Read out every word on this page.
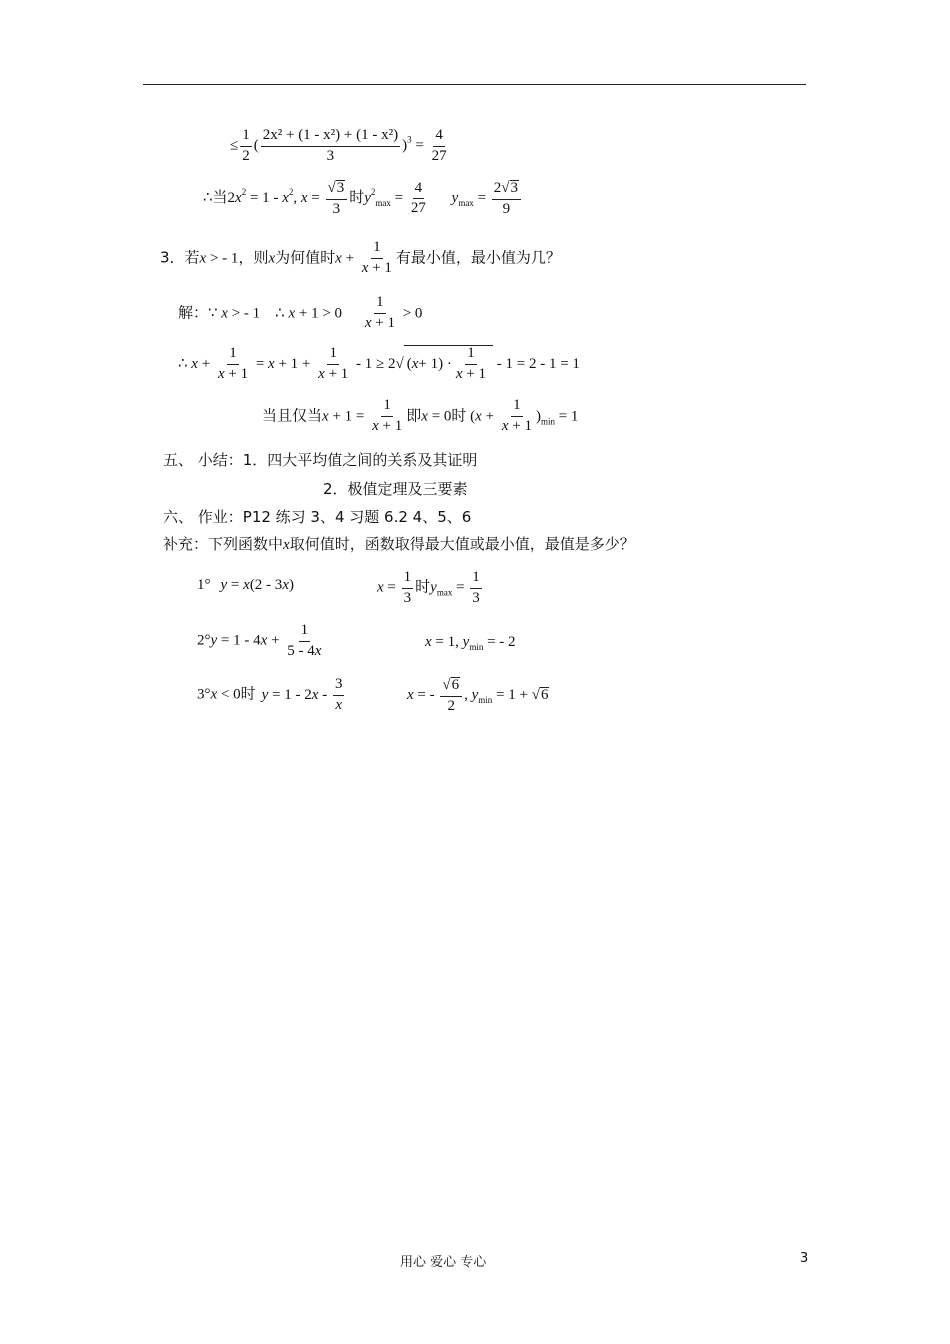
≤ $\frac{1}{2}$ ( $\frac{\text{2x² + (1 - x²) + (1 - x²)}}{3} )^3 = \frac{4}{27}$
∴当$2x^2 = 1 - x^2$, $x = \frac{√3}{3}$ 时$y^2_{max} = \frac{4}{27} y_{max} = \frac{2√3}{9}$
3．若x > - 1，则x为何值时$x + \frac{1}{x + 1}$ 有最小值，最小值为几？
解：∵ x > - 1    ∴ $x + 1 > 0 \frac{1}{x + 1} > 0$
∴ $x + \frac{1}{x + 1} = x + 1 + \frac{1}{x + 1} - 1 \ge 2√$ ( x + 1) ·
1
x + 1
- 1 = 2 - 1 = 1
当且仅当$x + 1 = \frac{1}{x + 1}$ 即x = 0时 $(x + \frac{1}{x + 1} )_{min} = 1$
五、 小结：1．四大平均值之间的关系及其证明
2．极值定理及三要素
六、 作业：P12 练习 3、4 习题 6.2 4、5、6
补充：下列函数中x取何值时，函数取得最大值或最小值，最值是多少？
1° y = x(2 - 3x)	$x = \frac{1}{3}$ 时$y_{max} = \frac{1}{3}$
$2^\circ y = 1 - 4x + \frac{1}{5 - 4x}$	x = 1, $y_{min}$ = - 2
3°x < 0时 $y = 1 - 2x - \frac{3}{x}$	x = - $\frac{√6}{2}$ , $y_{min} = 1 + √6$
用心 爱心 专心	3
